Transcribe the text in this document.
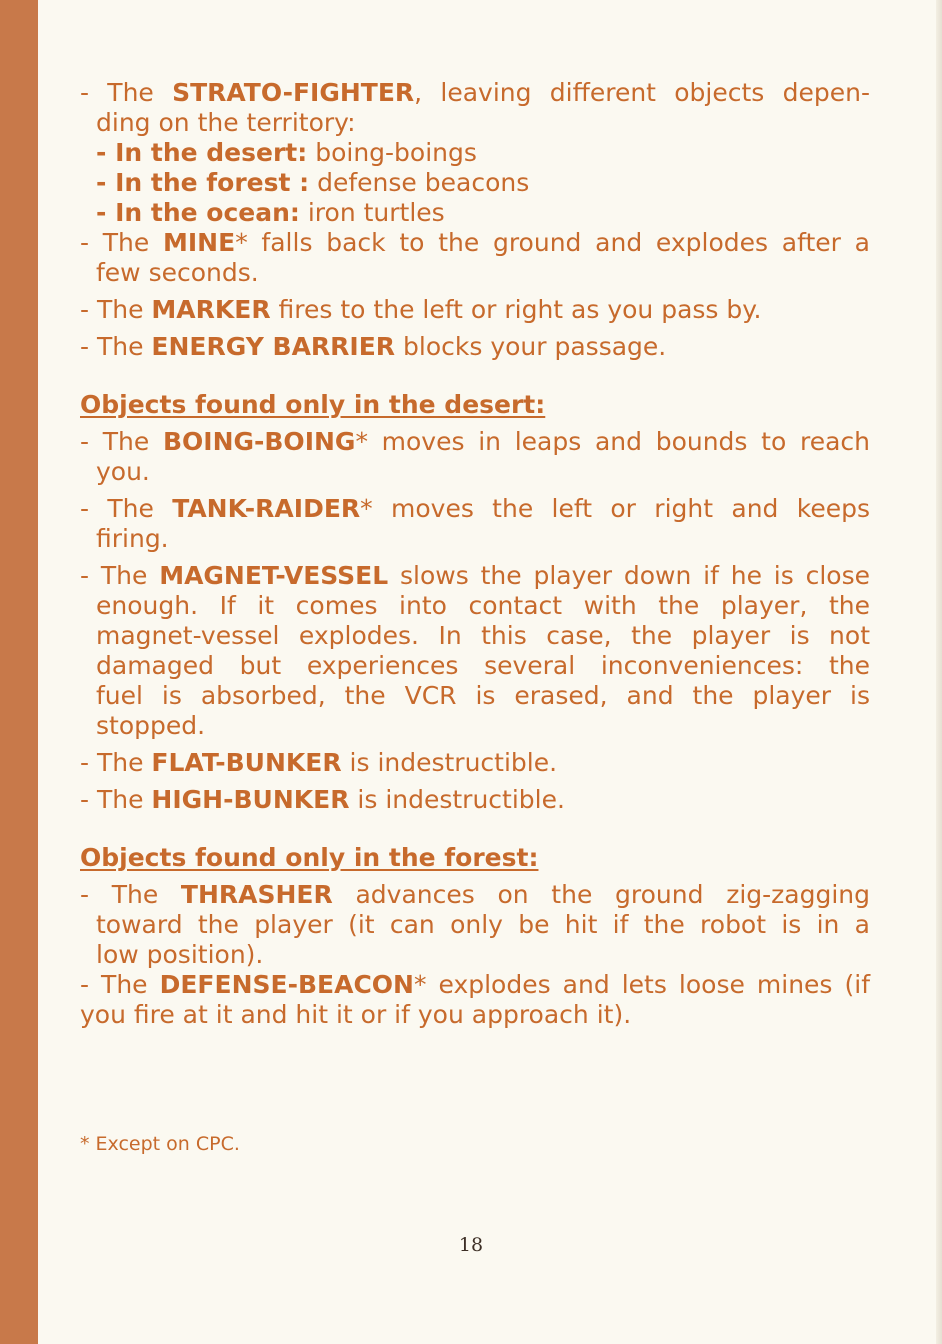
- The STRATO-FIGHTER, leaving different objects depen-
ding on the territory:
- In the desert: boing-boings
- In the forest : defense beacons
- In the ocean: iron turtles
- The MINE* falls back to the ground and explodes after a
few seconds.
- The MARKER fires to the left or right as you pass by.
- The ENERGY BARRIER blocks your passage.
Objects found only in the desert:
- The BOING-BOING* moves in leaps and bounds to reach
you.
- The TANK-RAIDER* moves the left or right and keeps
firing.
- The MAGNET-VESSEL slows the player down if he is close
enough. If it comes into contact with the player, the
magnet-vessel explodes. In this case, the player is not
damaged but experiences several inconveniences: the
fuel is absorbed, the VCR is erased, and the player is
stopped.
- The FLAT-BUNKER is indestructible.
- The HIGH-BUNKER is indestructible.
Objects found only in the forest:
- The THRASHER advances on the ground zig-zagging
toward the player (it can only be hit if the robot is in a
low position).
- The DEFENSE-BEACON* explodes and lets loose mines (if
you fire at it and hit it or if you approach it).
* Except on CPC.
18
